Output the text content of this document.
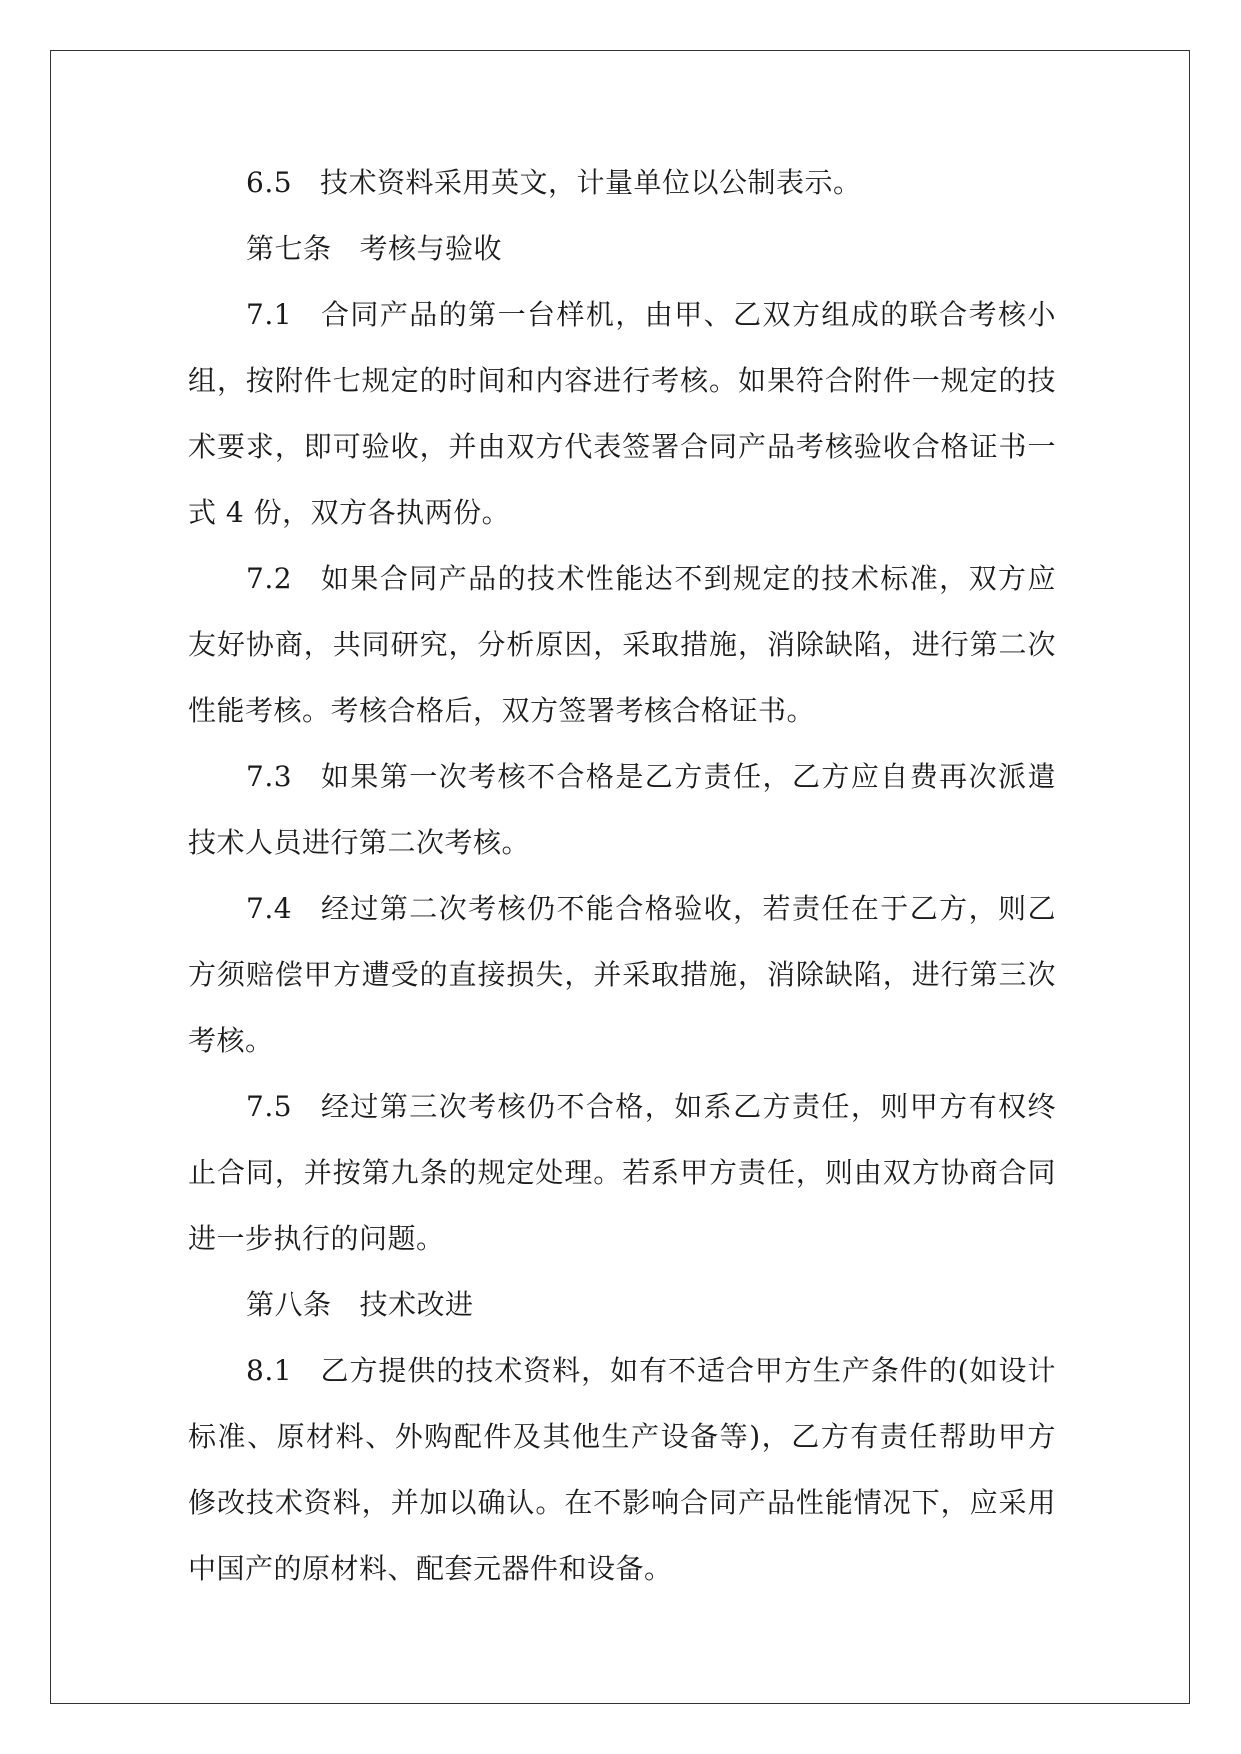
6.5 技术资料采用英文，计量单位以公制表示。
第七条 考核与验收
7.1 合同产品的第一台样机，由甲、乙双方组成的联合考核小
组，按附件七规定的时间和内容进行考核。如果符合附件一规定的技
术要求，即可验收，并由双方代表签署合同产品考核验收合格证书一
式 4 份，双方各执两份。
7.2 如果合同产品的技术性能达不到规定的技术标准，双方应
友好协商，共同研究，分析原因，采取措施，消除缺陷，进行第二次
性能考核。考核合格后，双方签署考核合格证书。
7.3 如果第一次考核不合格是乙方责任，乙方应自费再次派遣
技术人员进行第二次考核。
7.4 经过第二次考核仍不能合格验收，若责任在于乙方，则乙
方须赔偿甲方遭受的直接损失，并采取措施，消除缺陷，进行第三次
考核。
7.5 经过第三次考核仍不合格，如系乙方责任，则甲方有权终
止合同，并按第九条的规定处理。若系甲方责任，则由双方协商合同
进一步执行的问题。
第八条 技术改进
8.1 乙方提供的技术资料，如有不适合甲方生产条件的(如设计
标准、原材料、外购配件及其他生产设备等)，乙方有责任帮助甲方
修改技术资料，并加以确认。在不影响合同产品性能情况下，应采用
中国产的原材料、配套元器件和设备。
